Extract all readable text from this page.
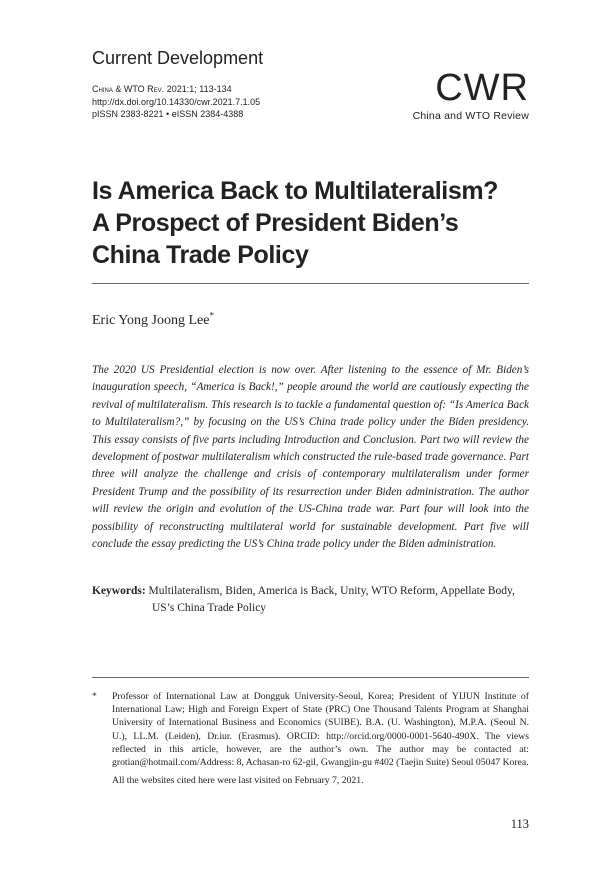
Current Development
China & WTO Rev. 2021:1; 113-134
http://dx.doi.org/10.14330/cwr.2021.7.1.05
pISSN 2383-8221 • eISSN 2384-4388
CWR
China and WTO Review
Is America Back to Multilateralism?
A Prospect of President Biden’s
China Trade Policy
Eric Yong Joong Lee*

The 2020 US Presidential election is now over. After listening to the essence of Mr. Biden’s inauguration speech, “America is Back!,” people around the world are cautiously expecting the revival of multilateralism. This research is to tackle a fundamental question of: “Is America Back to Multilateralism?,” by focusing on the US’s China trade policy under the Biden presidency. This essay consists of five parts including Introduction and Conclusion. Part two will review the development of postwar multilateralism which constructed the rule-based trade governance. Part three will analyze the challenge and crisis of contemporary multilateralism under former President Trump and the possibility of its resurrection under Biden administration. The author will review the origin and evolution of the US-China trade war. Part four will look into the possibility of reconstructing multilateral world for sustainable development. Part five will conclude the essay predicting the US’s China trade policy under the Biden administration.

Keywords: Multilateralism, Biden, America is Back, Unity, WTO Reform, Appellate Body,
US’s China Trade Policy
*	Professor of International Law at Dongguk University-Seoul, Korea; President of YIJUN Institute of International Law; High and Foreign Expert of State (PRC) One Thousand Talents Program at Shanghai University of International Business and Economics (SUIBE). B.A. (U. Washington), M.P.A. (Seoul N. U.), LL.M. (Leiden), Dr.iur. (Erasmus). ORCID: http://orcid.org/0000-0001-5640-490X. The views reflected in this article, however, are the author’s own. The author may be contacted at: grotian@hotmail.com/Address: 8, Achasan-ro 62-gil, Gwangjin-gu #402 (Taejin Suite) Seoul 05047 Korea.

All the websites cited here were last visited on February 7, 2021.
113
